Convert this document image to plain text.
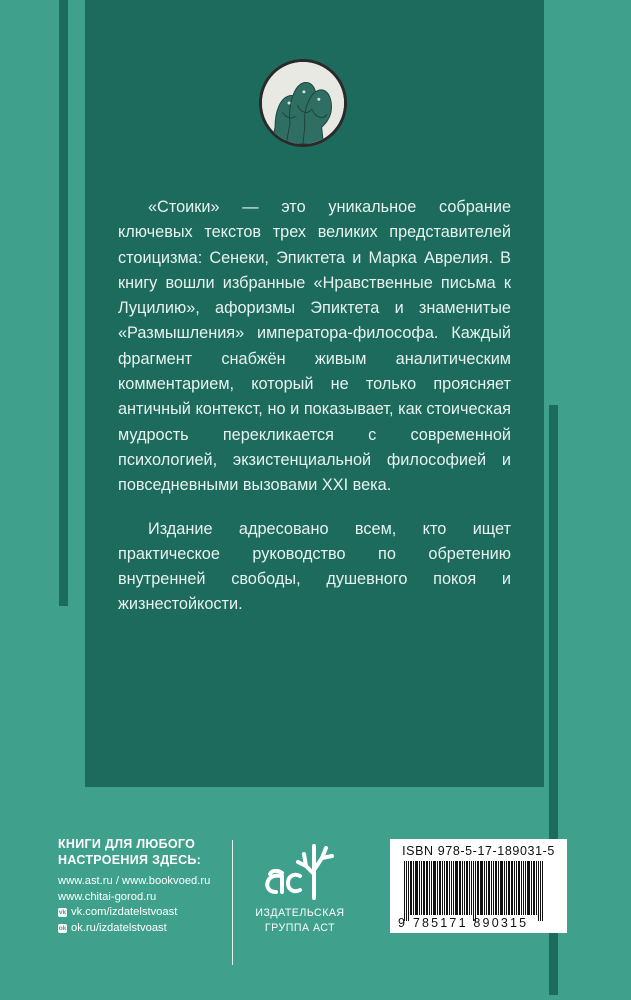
«Стоики» — это уникальное собрание ключевых текстов трех великих представителей стоицизма: Сенеки, Эпиктета и Марка Аврелия. В книгу вошли избранные «Нравственные письма к Луцилию», афоризмы Эпиктета и знаменитые «Размышления» императора-философа. Каждый фрагмент снабжён живым аналитическим комментарием, который не только проясняет античный контекст, но и показывает, как стоическая мудрость перекликается с современной психологией, экзистенциальной философией и повседневными вызовами XXI века.

Издание адресовано всем, кто ищет практическое руководство по обретению внутренней свободы, душевного покоя и жизнестойкости.

КНИГИ ДЛЯ ЛЮБОГО
НАСТРОЕНИЯ ЗДЕСЬ:
www.ast.ru / www.bookvoed.ru
www.chitai-gorod.ru
vk vk.com/izdatelstvoast
ok ok.ru/izdatelstvoast
ИЗДАТЕЛЬСКАЯ
ГРУППА АСТ
ISBN 978-5-17-189031-5
9 785171 890315
